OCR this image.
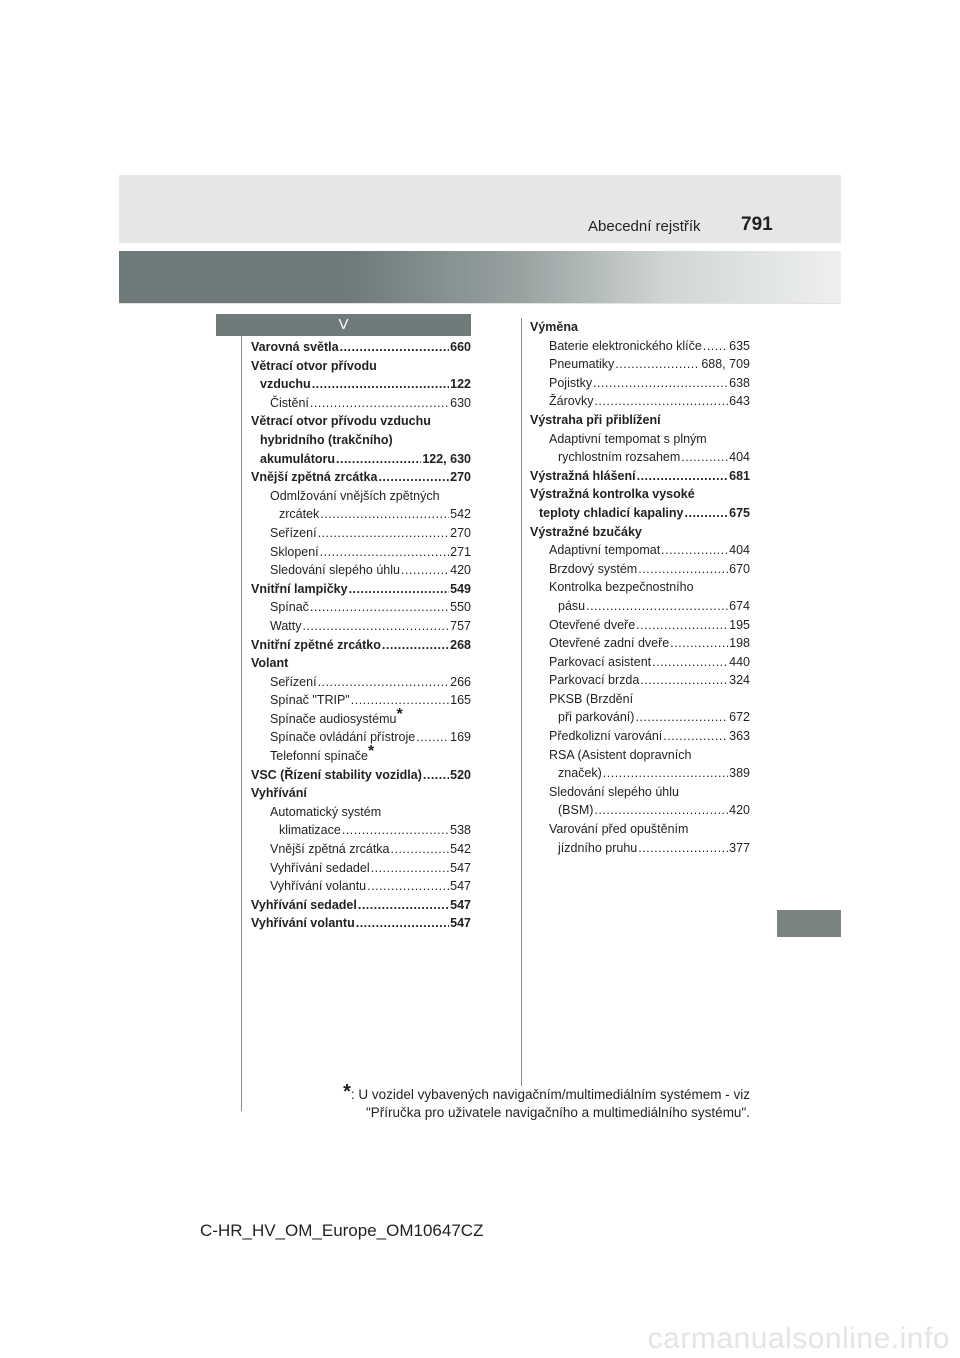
Abecední rejstřík 791
V
Varovná světla .....	660
Větrací otvor přívodu
vzduchu .....	122
Čistění .....	630
Větrací otvor přívodu vzduchu
hybridního (trakčního)
akumulátoru .....	122, 630
Vnější zpětná zrcátka .....	270
Odmlžování vnějších zpětných
zrcátek .....	542
Seřízení .....	270
Sklopení .....	271
Sledování slepého úhlu .....	420
Vnitřní lampičky .....	549
Spínač .....	550
Watty .....	757
Vnitřní zpětné zrcátko .....	268
Volant
Seřízení .....	266
Spínač "TRIP" .....	165
Spínače audiosystému*
Spínače ovládání přístroje .....	169
Telefonní spínače*
VSC (Řízení stability vozidla) ..... 520
Vyhřívání
Automatický systém
klimatizace .....	538
Vnější zpětná zrcátka .....	542
Vyhřívání sedadel .....	547
Vyhřívání volantu .....	547
Vyhřívání sedadel .....	547
Vyhřívání volantu .....	547
Výměna
Baterie elektronického klíče ..... 635
Pneumatiky .....	688, 709
Pojistky .....	638
Žárovky .....	643
Výstraha při přiblížení
Adaptivní tempomat s plným
rychlostním rozsahem .....	404
Výstražná hlášení .....	681
Výstražná kontrolka vysoké
teploty chladicí kapaliny .....	675
Výstražné bzučáky
Adaptivní tempomat .....	404
Brzdový systém .....	670
Kontrolka bezpečnostního
pásu .....	674
Otevřené dveře .....	195
Otevřené zadní dveře .....	198
Parkovací asistent .....	440
Parkovací brzda .....	324
PKSB (Brzdění
při parkování) .....	672
Předkolizní varování .....	363
RSA (Asistent dopravních
značek) .....	389
Sledování slepého úhlu
(BSM) .....	420
Varování před opuštěním
jízdního pruhu .....	377
*: U vozidel vybavených navigačním/multimediálním systémem - viz
"Příručka pro uživatele navigačního a multimediálního systému".
C-HR_HV_OM_Europe_OM10647CZ
carmanualsonline.info
